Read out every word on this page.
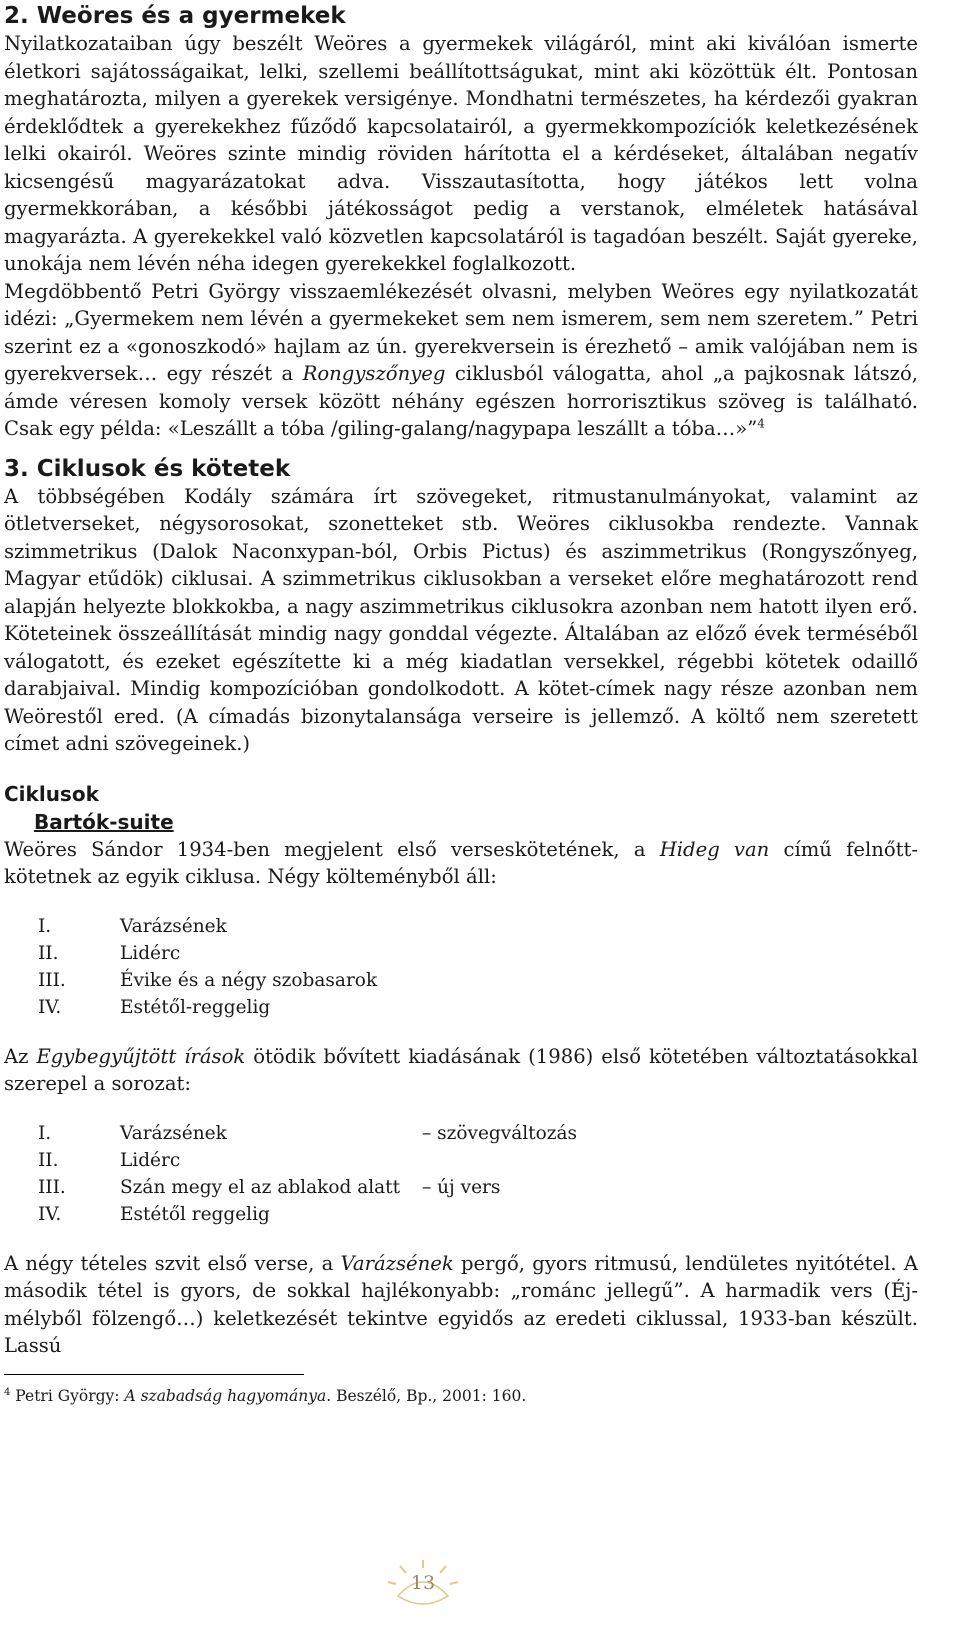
2. Weöres és a gyermekek

Nyilatkozataiban úgy beszélt Weöres a gyermekek világáról, mint aki kiválóan ismerte életkori sajátosságaikat, lelki, szellemi beállítottságukat, mint aki közöttük élt. Pontosan meghatározta, milyen a gyerekek versigénye. Mondhatni természetes, ha kérdezői gyakran érdeklődtek a gyerekekhez fűződő kapcsolatairól, a gyermekkompozíciók keletkezésének lelki okairól. Weöres szinte mindig röviden hárította el a kérdéseket, általában negatív kicsengésű magyarázatokat adva. Visszautasította, hogy játékos lett volna gyermekkorában, a későbbi játékosságot pedig a verstanok, elméletek hatásával magyarázta. A gyerekekkel való közvetlen kapcsolatáról is tagadóan beszélt. Saját gyereke, unokája nem lévén néha idegen gyerekekkel foglalkozott.

Megdöbbentő Petri György visszaemlékezését olvasni, melyben Weöres egy nyilatkozatát idézi: „Gyermekem nem lévén a gyermekeket sem nem ismerem, sem nem szeretem.” Petri szerint ez a «gonoszkodó» hajlam az ún. gyerekversein is érezhető – amik valójában nem is gyerekversek… egy részét a Rongyszőnyeg ciklusból válogatta, ahol „a pajkosnak látszó, ámde véresen komoly versek között néhány egészen horrorisztikus szöveg is található. Csak egy példa: «Leszállt a tóba /giling-galang/nagypapa leszállt a tóba…»”$^4$

3. Ciklusok és kötetek

A többségében Kodály számára írt szövegeket, ritmustanulmányokat, valamint az ötletverseket, négysorosokat, szonetteket stb. Weöres ciklusokba rendezte. Vannak szimmetrikus (Dalok Naconxypan-ból, Orbis Pictus) és aszimmetrikus (Rongyszőnyeg, Magyar etűdök) ciklusai. A szimmetrikus ciklusokban a verseket előre meghatározott rend alapján helyezte blokkokba, a nagy aszimmetrikus ciklusokra azonban nem hatott ilyen erő. Köteteinek összeállítását mindig nagy gonddal végezte. Általában az előző évek terméséből válogatott, és ezeket egészítette ki a még kiadatlan versekkel, régebbi kötetek odaillő darabjaival. Mindig kompozícióban gondolkodott. A kötet-címek nagy része azonban nem Weörestől ered. (A címadás bizonytalansága verseire is jellemző. A költő nem szeretett címet adni szövegeinek.)

Ciklusok
Bartók-suite

Weöres Sándor 1934-ben megjelent első verseskötetének, a Hideg van című felnőtt-kötetnek az egyik ciklusa. Négy költeményből áll:

I.	Varázsének
II.	Lidérc
III.	Évike és a négy szobasarok
IV.	Estétől-reggelig

Az Egybegyűjtött írások ötödik bővített kiadásának (1986) első kötetében változtatásokkal szerepel a sorozat:

I.	Varázsének	– szövegváltozás
II.	Lidérc
III.	Szán megy el az ablakod alatt	– új vers
IV.	Estétől reggelig

A négy tételes szvit első verse, a Varázsének pergő, gyors ritmusú, lendületes nyitótétel. A második tétel is gyors, de sokkal hajlékonyabb: „románc jellegű”. A harmadik vers (Éj-mélyből fölzengő…) keletkezését tekintve egyidős az eredeti ciklussal, 1933-ban készült. Lassú

$^4$ Petri György: A szabadság hagyománya. Beszélő, Bp., 2001: 160.

13
